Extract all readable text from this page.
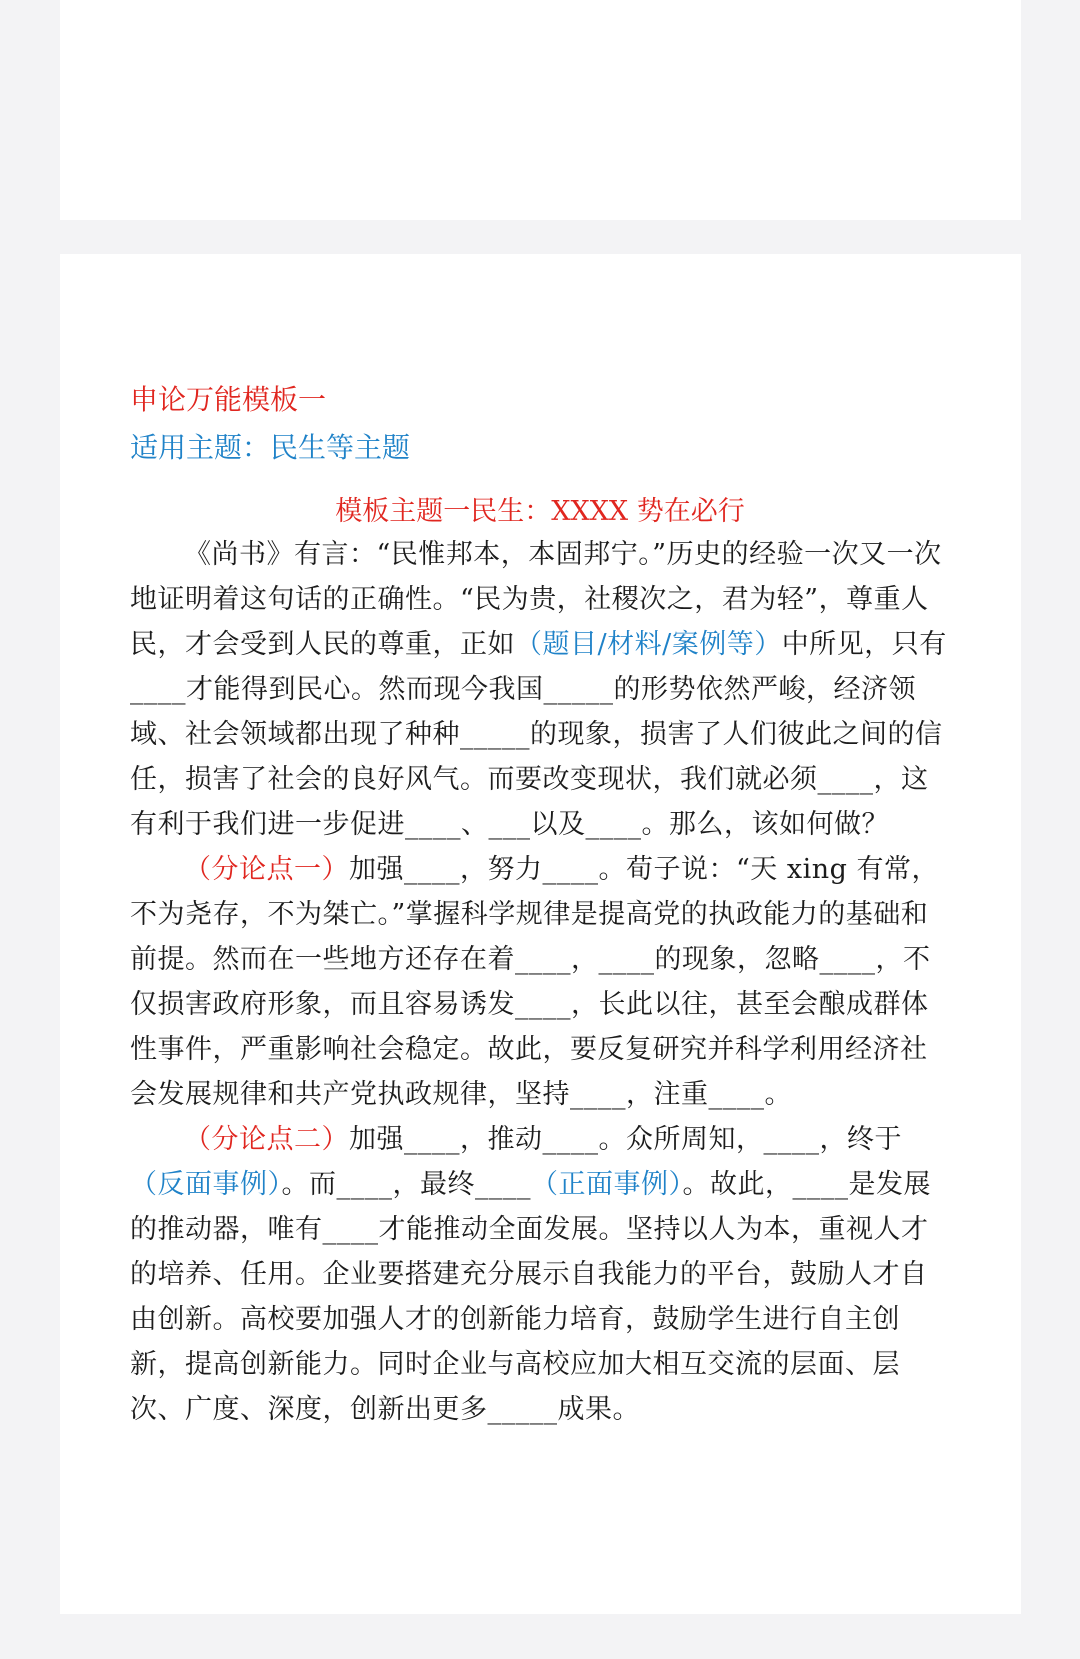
申论万能模板一
适用主题：民生等主题
模板主题一民生：XXXX 势在必行

《尚书》有言：“民惟邦本，本固邦宁。”历史的经验一次又一次地证明着这句话的正确性。“民为贵，社稷次之，君为轻”，尊重人民，才会受到人民的尊重，正如（题目/材料/案例等）中所见，只有____才能得到民心。然而现今我国_____的形势依然严峻，经济领域、社会领域都出现了种种_____的现象，损害了人们彼此之间的信任，损害了社会的良好风气。而要改变现状，我们就必须____，这有利于我们进一步促进____、___以及____。那么，该如何做？

（分论点一）加强____，努力____。荀子说：“天 xing 有常，不为尧存，不为桀亡。”掌握科学规律是提高党的执政能力的基础和前提。然而在一些地方还存在着____，____的现象，忽略____，不仅损害政府形象，而且容易诱发____，长此以往，甚至会酿成群体性事件，严重影响社会稳定。故此，要反复研究并科学利用经济社会发展规律和共产党执政规律，坚持____，注重____。

（分论点二）加强____，推动____。众所周知，____，终于（反面事例）。而____，最终____（正面事例）。故此，____是发展的推动器，唯有____才能推动全面发展。坚持以人为本，重视人才的培养、任用。企业要搭建充分展示自我能力的平台，鼓励人才自由创新。高校要加强人才的创新能力培育，鼓励学生进行自主创新，提高创新能力。同时企业与高校应加大相互交流的层面、层次、广度、深度，创新出更多_____成果。
